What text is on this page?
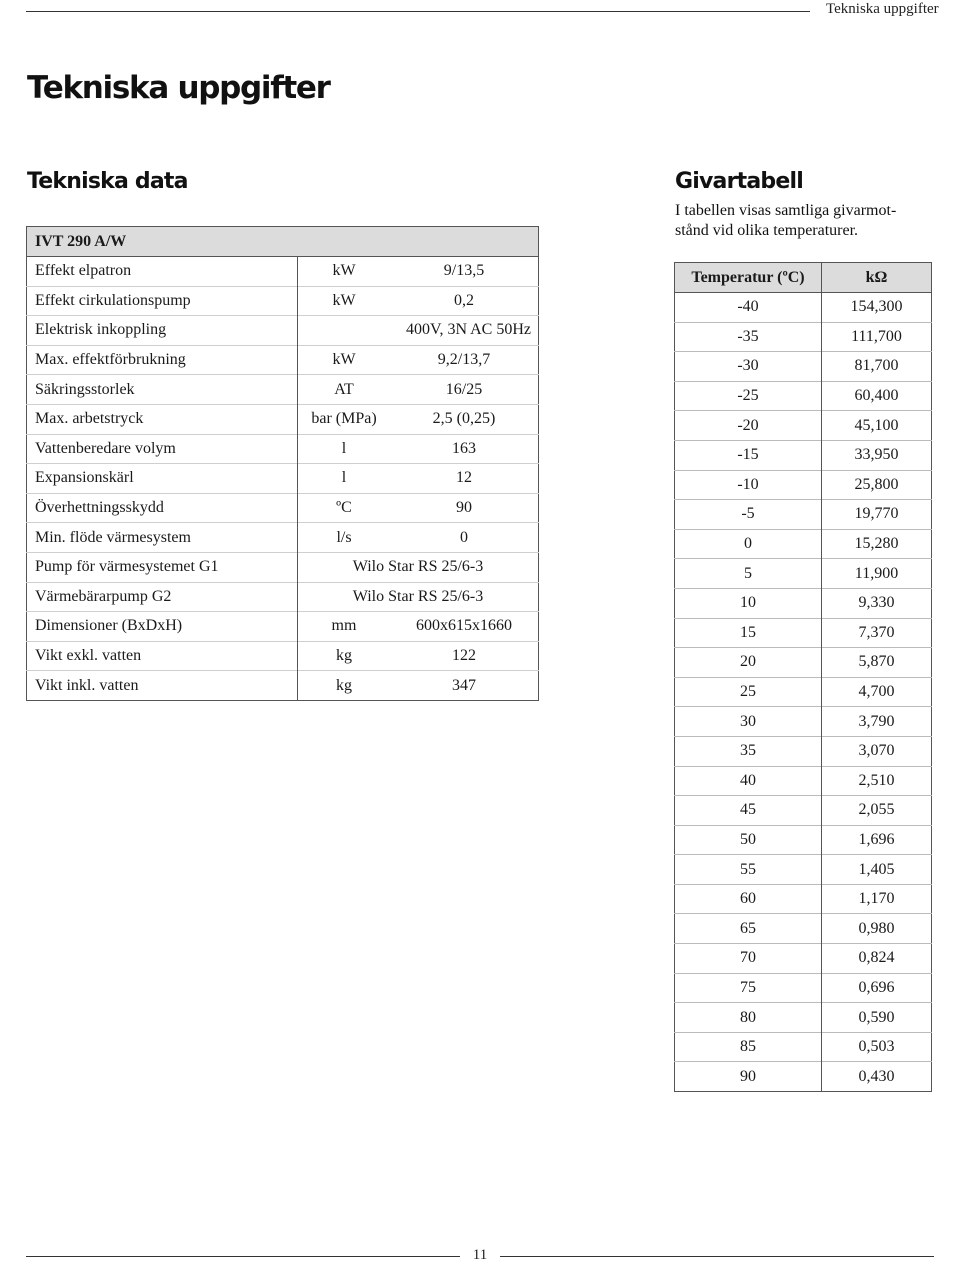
Tekniska uppgifter
Tekniska uppgifter
Tekniska data
IVT 290 A/W		
Effekt elpatron	kW	9/13,5
Effekt cirkulationspump	kW	0,2
Elektrisk inkoppling		400V, 3N AC 50Hz
Max. effektförbrukning	kW	9,2/13,7
Säkringsstorlek	AT	16/25
Max. arbetstryck	bar (MPa)	2,5 (0,25)
Vattenberedare volym	l	163
Expansionskärl	l	12
Överhettningsskydd	ºC	90
Min. flöde värmesystem	l/s	0
Pump för värmesystemet G1	Wilo Star RS 25/6-3	
Värmebärarpump G2	Wilo Star RS 25/6-3	
Dimensioner (BxDxH)	mm	600x615x1660
Vikt exkl. vatten	kg	122
Vikt inkl. vatten	kg	347
Givartabell
I tabellen visas samtliga givarmot-
stånd vid olika temperaturer.
Temperatur (ºC)	kΩ
-40	154,300
-35	111,700
-30	81,700
-25	60,400
-20	45,100
-15	33,950
-10	25,800
-5	19,770
0	15,280
5	11,900
10	9,330
15	7,370
20	5,870
25	4,700
30	3,790
35	3,070
40	2,510
45	2,055
50	1,696
55	1,405
60	1,170
65	0,980
70	0,824
75	0,696
80	0,590
85	0,503
90	0,430
11
